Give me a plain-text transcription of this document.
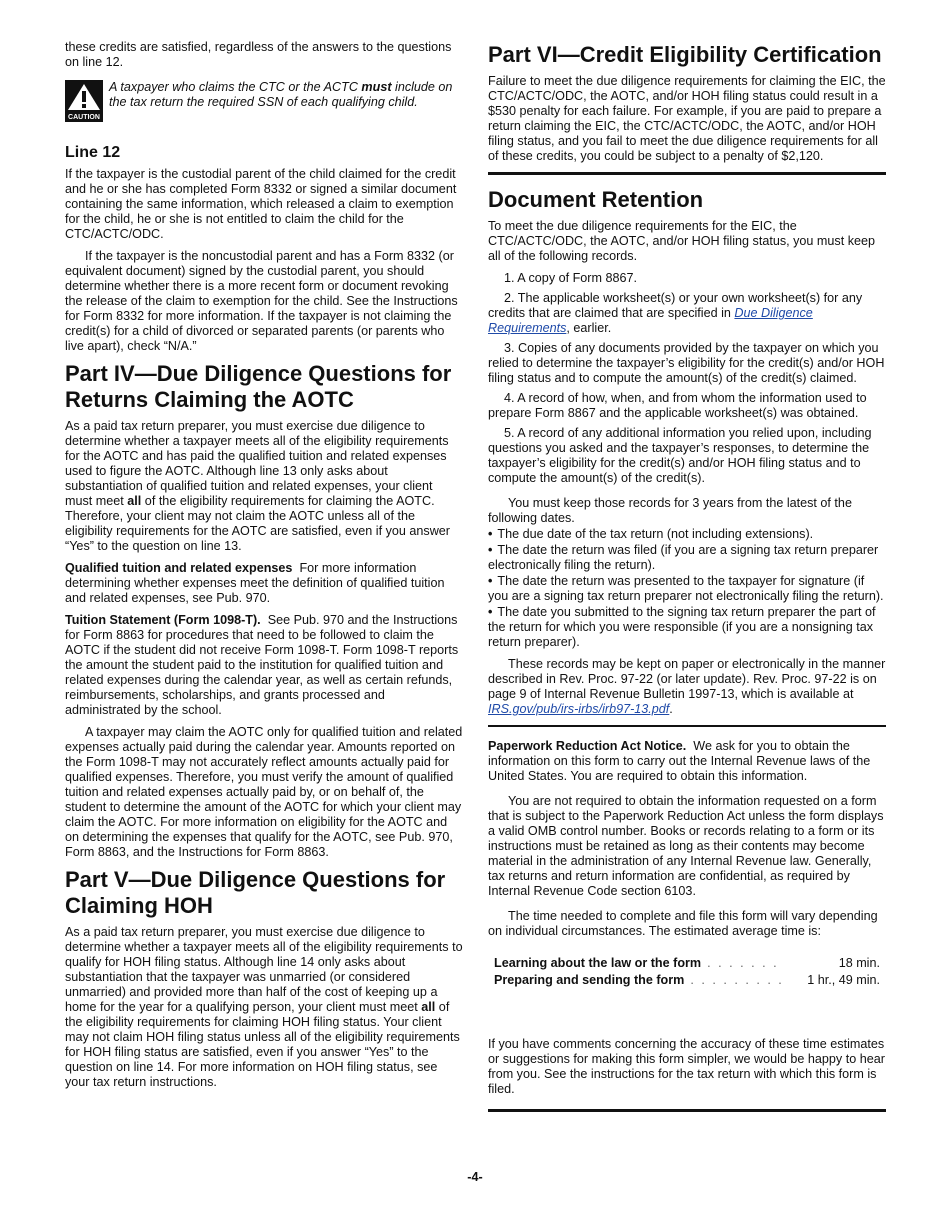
these credits are satisfied, regardless of the answers to the questions on line 12.

CAUTION

A taxpayer who claims the CTC or the ACTC must include on the tax return the required SSN of each qualifying child.

Line 12

If the taxpayer is the custodial parent of the child claimed for the credit and he or she has completed Form 8332 or signed a similar document containing the same information, which released a claim to exemption for the child, he or she is not entitled to claim the child for the CTC/ACTC/ODC.

If the taxpayer is the noncustodial parent and has a Form 8332 (or equivalent document) signed by the custodial parent, you should determine whether there is a more recent form or document revoking the release of the claim to exemption for the child. See the Instructions for Form 8332 for more information. If the taxpayer is not claiming the credit(s) for a child of divorced or separated parents (or parents who live apart), check “N/A.”

Part IV—Due Diligence Questions for Returns Claiming the AOTC

As a paid tax return preparer, you must exercise due diligence to determine whether a taxpayer meets all of the eligibility requirements for the AOTC and has paid the qualified tuition and related expenses used to figure the AOTC. Although line 13 only asks about substantiation of qualified tuition and related expenses, your client must meet all of the eligibility requirements for claiming the AOTC. Therefore, your client may not claim the AOTC unless all of the eligibility requirements for the AOTC are satisfied, even if you answer “Yes” to the question on line 13.

Qualified tuition and related expenses For more information determining whether expenses meet the definition of qualified tuition and related expenses, see Pub. 970.

Tuition Statement (Form 1098-T). See Pub. 970 and the Instructions for Form 8863 for procedures that need to be followed to claim the AOTC if the student did not receive Form 1098-T. Form 1098-T reports the amount the student paid to the institution for qualified tuition and related expenses during the calendar year, as well as certain refunds, reimbursements, scholarships, and grants processed and administrated by the school.

A taxpayer may claim the AOTC only for qualified tuition and related expenses actually paid during the calendar year. Amounts reported on the Form 1098-T may not accurately reflect amounts actually paid for qualified expenses. Therefore, you must verify the amount of qualified tuition and related expenses actually paid by, or on behalf of, the student to determine the amount of the AOTC for which your client may claim the AOTC. For more information on eligibility for the AOTC and on determining the expenses that qualify for the AOTC, see Pub. 970, Form 8863, and the Instructions for Form 8863.

Part V—Due Diligence Questions for Claiming HOH

As a paid tax return preparer, you must exercise due diligence to determine whether a taxpayer meets all of the eligibility requirements to qualify for HOH filing status. Although line 14 only asks about substantiation that the taxpayer was unmarried (or considered unmarried) and provided more than half of the cost of keeping up a home for the year for a qualifying person, your client must meet all of the eligibility requirements for claiming HOH filing status. Your client may not claim HOH filing status unless all of the eligibility requirements for HOH filing status are satisfied, even if you answer “Yes” to the question on line 14. For more information on HOH filing status, see your tax return instructions.

Part VI—Credit Eligibility Certification

Failure to meet the due diligence requirements for claiming the EIC, the CTC/ACTC/ODC, the AOTC, and/or HOH filing status could result in a $530 penalty for each failure. For example, if you are paid to prepare a return claiming the EIC, the CTC/ACTC/ODC, the AOTC, and/or HOH filing status, and you fail to meet the due diligence requirements for all of these credits, you could be subject to a penalty of $2,120.

Document Retention

To meet the due diligence requirements for the EIC, the CTC/ACTC/ODC, the AOTC, and/or HOH filing status, you must keep all of the following records.

1. A copy of Form 8867.

2. The applicable worksheet(s) or your own worksheet(s) for any credits that are claimed that are specified in Due Diligence Requirements, earlier.

3. Copies of any documents provided by the taxpayer on which you relied to determine the taxpayer’s eligibility for the credit(s) and/or HOH filing status and to compute the amount(s) of the credit(s) claimed.

4. A record of how, when, and from whom the information used to prepare Form 8867 and the applicable worksheet(s) was obtained.

5. A record of any additional information you relied upon, including questions you asked and the taxpayer’s responses, to determine the taxpayer’s eligibility for the credit(s) and/or HOH filing status and to compute the amount(s) of the credit(s).

You must keep those records for 3 years from the latest of the following dates.

• The due date of the tax return (not including extensions).

• The date the return was filed (if you are a signing tax return preparer electronically filing the return).

• The date the return was presented to the taxpayer for signature (if you are a signing tax return preparer not electronically filing the return).

• The date you submitted to the signing tax return preparer the part of the return for which you were responsible (if you are a nonsigning tax return preparer).

These records may be kept on paper or electronically in the manner described in Rev. Proc. 97-22 (or later update). Rev. Proc. 97-22 is on page 9 of Internal Revenue Bulletin 1997-13, which is available at IRS.gov/pub/irs-irbs/irb97-13.pdf.

Paperwork Reduction Act Notice. We ask for you to obtain the information on this form to carry out the Internal Revenue laws of the United States. You are required to obtain this information.

You are not required to obtain the information requested on a form that is subject to the Paperwork Reduction Act unless the form displays a valid OMB control number. Books or records relating to a form or its instructions must be retained as long as their contents may become material in the administration of any Internal Revenue law. Generally, tax returns and return information are confidential, as required by Internal Revenue Code section 6103.

The time needed to complete and file this form will vary depending on individual circumstances. The estimated average time is:

Learning about the law or the form . . . . . . .	18 min.
Preparing and sending the form . . . . . . . . . 1 hr., 49 min.

If you have comments concerning the accuracy of these time estimates or suggestions for making this form simpler, we would be happy to hear from you. See the instructions for the tax return with which this form is filed.

-4-
